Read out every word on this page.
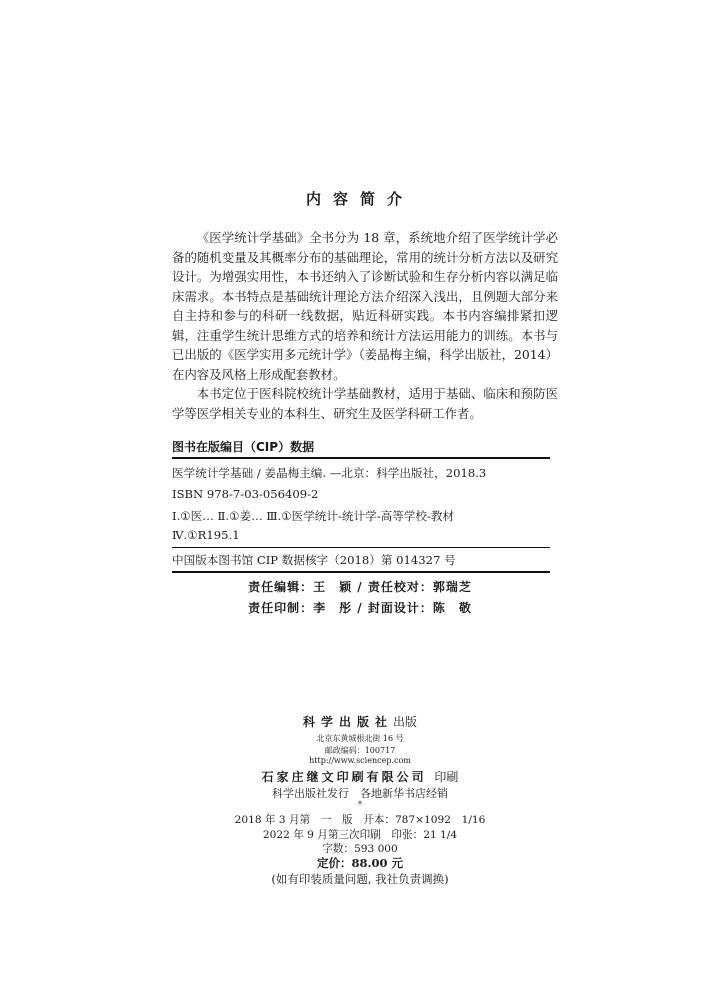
内容简介

《医学统计学基础》全书分为 18 章，系统地介绍了医学统计学必备的随机变量及其概率分布的基础理论，常用的统计分析方法以及研究设计。为增强实用性，本书还纳入了诊断试验和生存分析内容以满足临床需求。本书特点是基础统计理论方法介绍深入浅出，且例题大部分来自主持和参与的科研一线数据，贴近科研实践。本书内容编排紧扣逻辑，注重学生统计思维方式的培养和统计方法运用能力的训练。本书与已出版的《医学实用多元统计学》（姜晶梅主编，科学出版社，2014）在内容及风格上形成配套教材。

本书定位于医科院校统计学基础教材，适用于基础、临床和预防医学等医学相关专业的本科生、研究生及医学科研工作者。

图书在版编目（CIP）数据
医学统计学基础 / 姜晶梅主编. —北京：科学出版社，2018.3
ISBN 978-7-03-056409-2
Ⅰ.①医… Ⅱ.①姜… Ⅲ.①医学统计-统计学-高等学校-教材
Ⅳ.①R195.1
中国版本图书馆 CIP 数据核字（2018）第 014327 号
责任编辑：王　颖 / 责任校对：郭瑞芝
责任印制：李　彤 / 封面设计：陈　敬
科学出版社出版
北京东黄城根北街 16 号
邮政编码：100717
http://www.sciencep.com
石家庄继文印刷有限公司 印刷
科学出版社发行　各地新华书店经销
*
2018 年 3 月第　一　版　开本：787×1092　1/16
2022 年 9 月第三次印刷　印张：21 1/4
字数：593 000
定价：88.00 元
(如有印装质量问题, 我社负责调换)
